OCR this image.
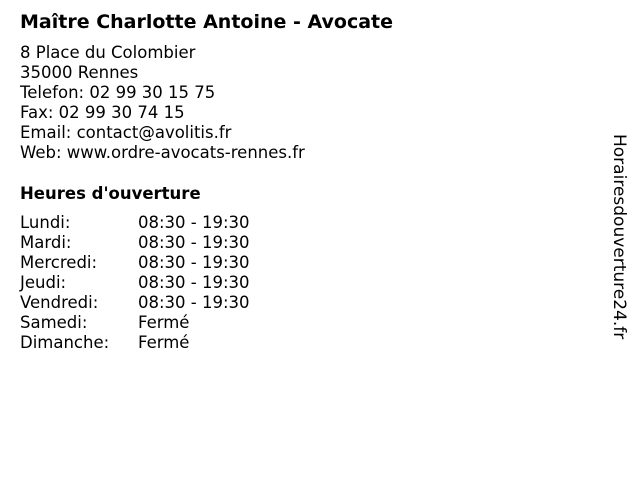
Maître Charlotte Antoine - Avocate
8 Place du Colombier
35000 Rennes
Telefon: 02 99 30 15 75
Fax: 02 99 30 74 15
Email: contact@avolitis.fr
Web: www.ordre-avocats-rennes.fr
Heures d'ouverture
Lundi:	08:30 - 19:30
Mardi:	08:30 - 19:30
Mercredi:	08:30 - 19:30
Jeudi:	08:30 - 19:30
Vendredi:	08:30 - 19:30
Samedi:	Fermé
Dimanche:	Fermé
Horairesdouverture24.fr
